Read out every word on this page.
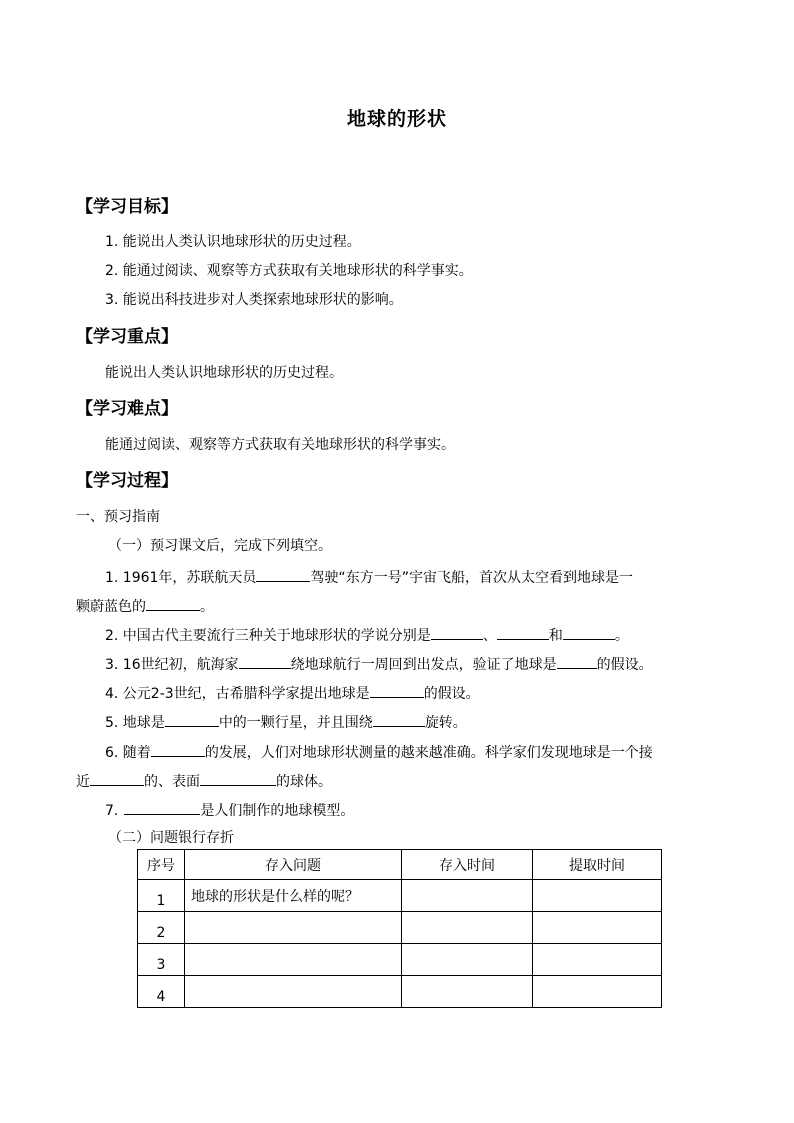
地球的形状
【学习目标】
1. 能说出人类认识地球形状的历史过程。
2. 能通过阅读、观察等方式获取有关地球形状的科学事实。
3. 能说出科技进步对人类探索地球形状的影响。
【学习重点】
能说出人类认识地球形状的历史过程。
【学习难点】
能通过阅读、观察等方式获取有关地球形状的科学事实。
【学习过程】
一、预习指南
（一）预习课文后，完成下列填空。
1. 1961年，苏联航天员	驾驶“东方一号”宇宙飞船，首次从太空看到地球是一
颗蔚蓝色的	。
2. 中国古代主要流行三种关于地球形状的学说分别是	、	和	。
3. 16世纪初，航海家	绕地球航行一周回到出发点，验证了地球是	的假设。
4. 公元2-3世纪，古希腊科学家提出地球是	的假设。
5. 地球是	中的一颗行星，并且围绕	旋转。
6. 随着	的发展，人们对地球形状测量的越来越准确。科学家们发现地球是一个接
近	的、表面	的球体。
7.	是人们制作的地球模型。
（二）问题银行存折
序号	存入问题	存入时间	提取时间
1	地球的形状是什么样的呢？		
2			
3			
4			
